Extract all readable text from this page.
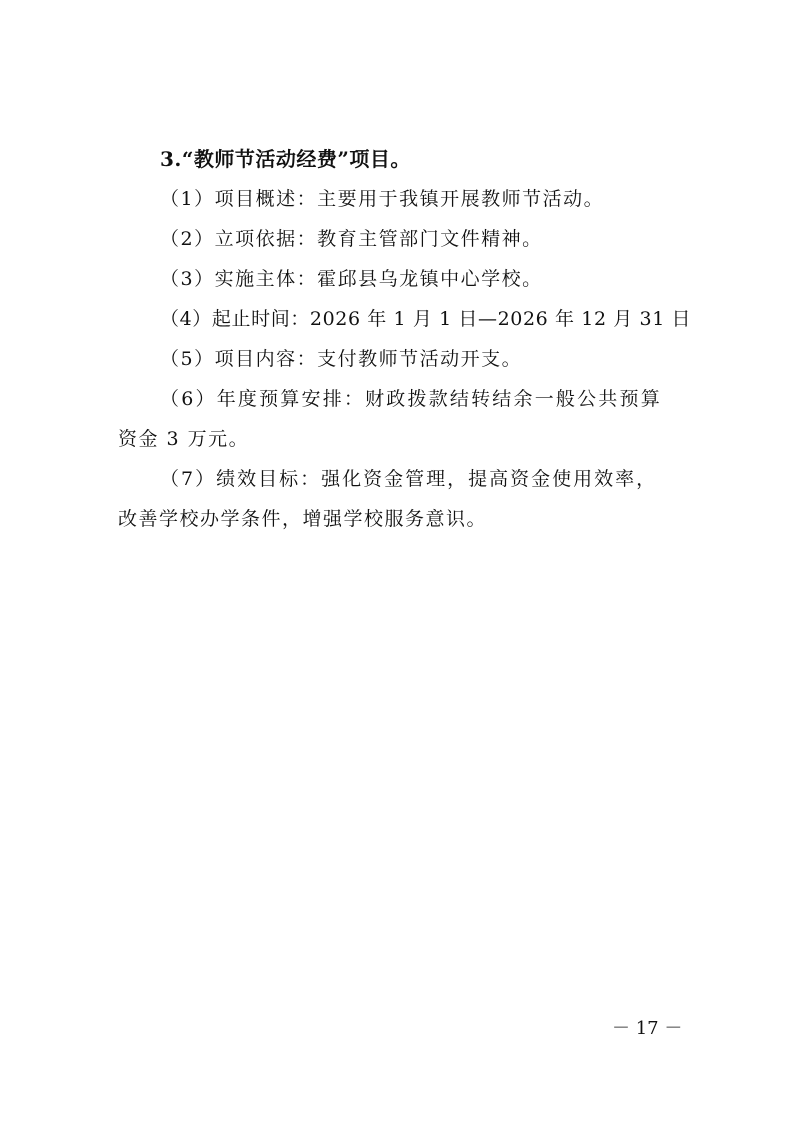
3.“教师节活动经费”项目。
（1）项目概述：主要用于我镇开展教师节活动。
（2）立项依据：教育主管部门文件精神。
（3）实施主体：霍邱县乌龙镇中心学校。
（4）起止时间：2026 年 1 月 1 日—2026 年 12 月 31 日
（5）项目内容：支付教师节活动开支。
（6）年度预算安排：财政拨款结转结余一般公共预算
资金 3 万元。
（7）绩效目标：强化资金管理，提高资金使用效率，
改善学校办学条件，增强学校服务意识。
－ 17 －
